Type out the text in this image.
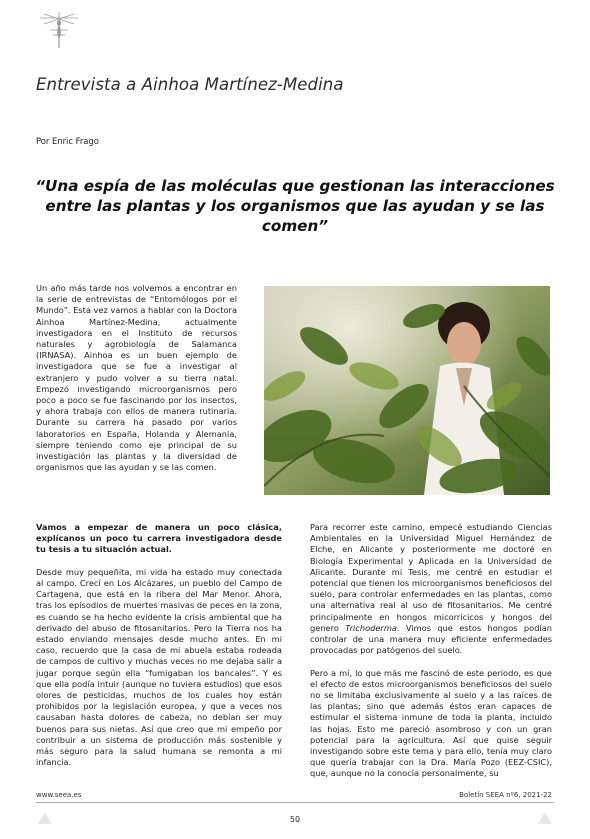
Entrevista a Ainhoa Martínez-Medina
Por Enric Frago
“Una espía de las moléculas que gestionan las interacciones entre las plantas y los organismos que las ayudan y se las comen”

Un año más tarde nos volvemos a encontrar en la serie de entrevistas de “Entomólogos por el Mundo”. Esta vez vamos a hablar con la Doctora Ainhoa Martínez-Medina, actualmente investigadora en el Instituto de recursos naturales y agrobiología de Salamanca (IRNASA). Ainhoa es un buen ejemplo de investigadora que se fue a investigar al extranjero y pudo volver a su tierra natal. Empezó investigando microorganismos pero poco a poco se fue fascinando por los insectos, y ahora trabaja con ellos de manera rutinaria. Durante su carrera ha pasado por varios laboratorios en España, Holanda y Alemania, siempre teniendo como eje principal de su investigación las plantas y la diversidad de organismos que las ayudan y se las comen.

Vamos a empezar de manera un poco clásica, explícanos un poco tu carrera investigadora desde tu tesis a tu situación actual.

Desde muy pequeñita, mi vida ha estado muy conectada al campo. Crecí en Los Alcázares, un pueblo del Campo de Cartagena, que está en la ribera del Mar Menor. Ahora, tras los episodios de muertes masivas de peces en la zona, es cuando se ha hecho evidente la crisis ambiental que ha derivado del abuso de fitosanitarios. Pero la Tierra nos ha estado enviando mensajes desde mucho antes. En mi caso, recuerdo que la casa de mi abuela estaba rodeada de campos de cultivo y muchas veces no me dejaba salir a jugar porque según ella “fumigaban los bancales”. Y es que ella podía intuir (aunque no tuviera estudios) que esos olores de pesticidas, muchos de los cuales hoy están prohibidos por la legislación europea, y que a veces nos causaban hasta dolores de cabeza, no debían ser muy buenos para sus nietas. Así que creo que mi empeño por contribuir a un sistema de producción más sostenible y más seguro para la salud humana se remonta a mi infancia.

Para recorrer este camino, empecé estudiando Ciencias Ambientales en la Universidad Miguel Hernández de Elche, en Alicante y posteriormente me doctoré en Biología Experimental y Aplicada en la Universidad de Alicante. Durante mi Tesis, me centré en estudiar el potencial que tienen los microorganismos beneficiosos del suelo, para controlar enfermedades en las plantas, como una alternativa real al uso de fitosanitarios. Me centré principalmente en hongos micorrícicos y hongos del genero Trichoderma. Vimos que estos hongos podían controlar de una manera muy eficiente enfermedades provocadas por patógenos del suelo.

Pero a mí, lo que más me fascinó de este periodo, es que el efecto de estos microorganismos beneficiosos del suelo no se limitaba exclusivamente al suelo y a las raíces de las plantas; sino que además éstos eran capaces de estimular el sistema inmune de toda la planta, incluido las hojas. Esto me pareció asombroso y con un gran potencial para la agricultura. Así que quise seguir investigando sobre este tema y para ello, tenía muy claro que quería trabajar con la Dra. María Pozo (EEZ-CSIC), que, aunque no la conocía personalmente, su

www.seea.es	Boletín SEEA nº6, 2021-22
50
